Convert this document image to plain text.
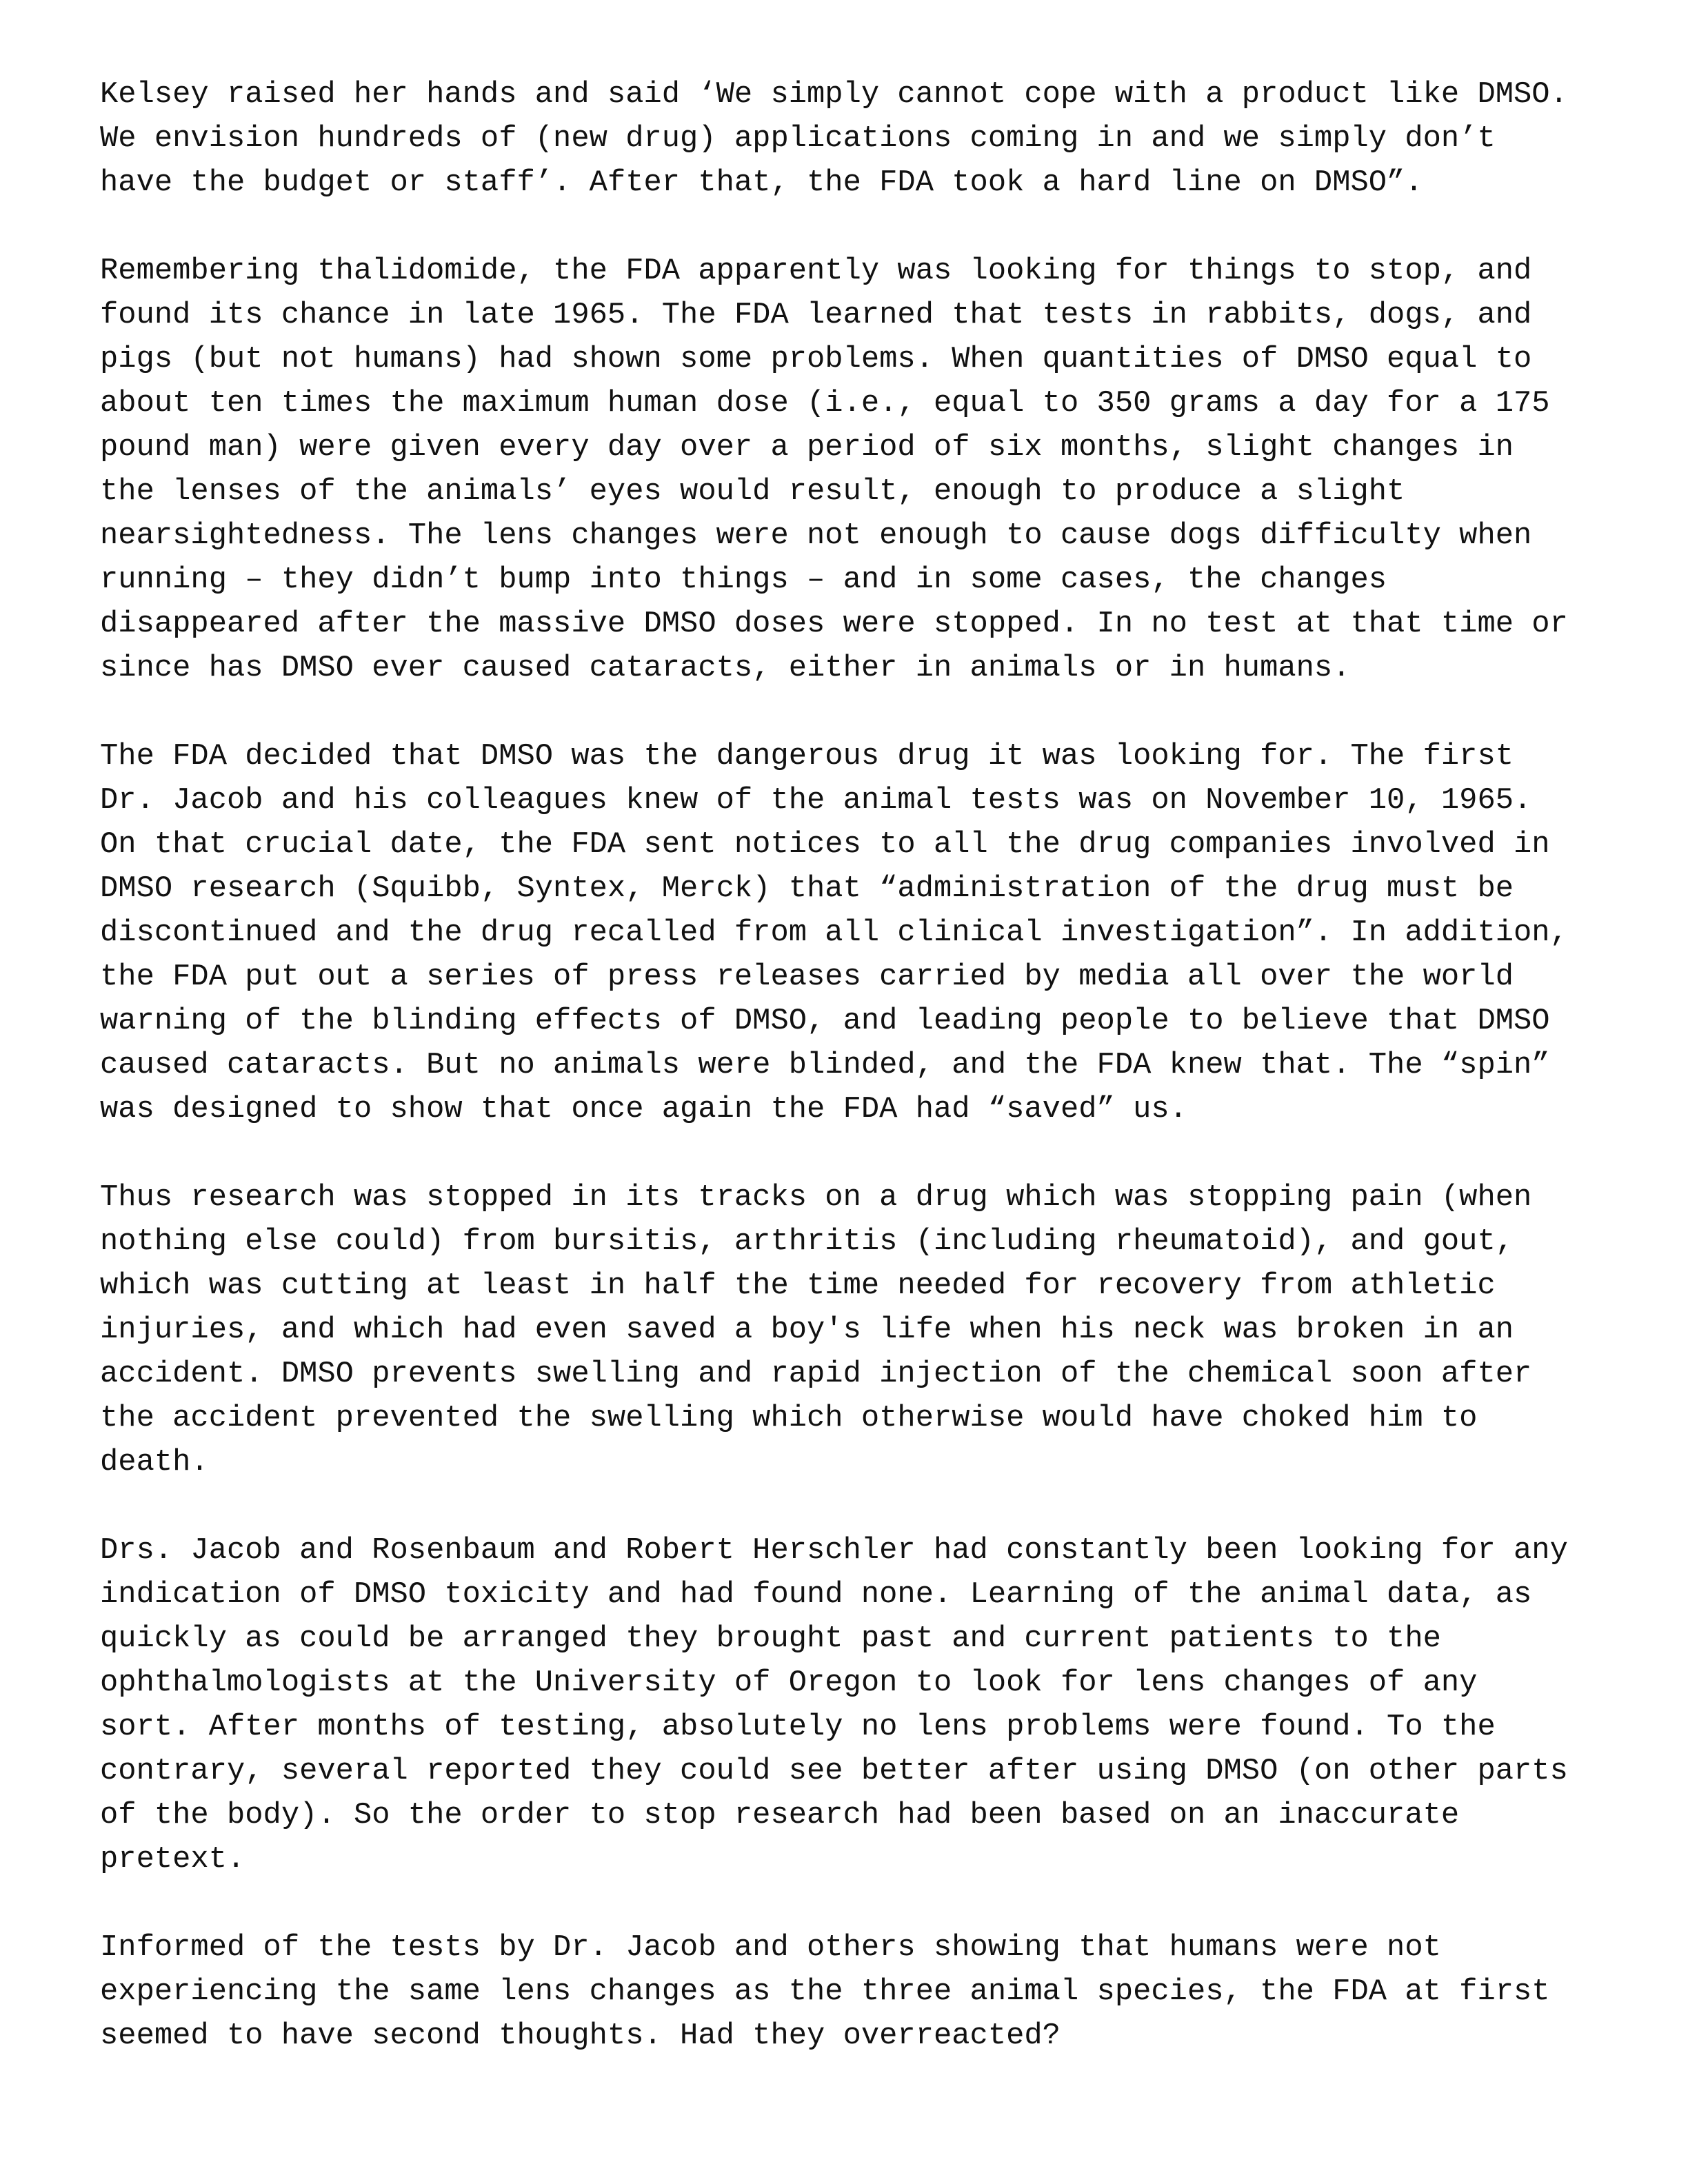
Kelsey raised her hands and said ‘We simply cannot cope with a product like DMSO.
We envision hundreds of (new drug) applications coming in and we simply don’t
have the budget or staff’. After that, the FDA took a hard line on DMSO”.
Remembering thalidomide, the FDA apparently was looking for things to stop, and
found its chance in late 1965. The FDA learned that tests in rabbits, dogs, and
pigs (but not humans) had shown some problems. When quantities of DMSO equal to
about ten times the maximum human dose (i.e., equal to 350 grams a day for a 175
pound man) were given every day over a period of six months, slight changes in
the lenses of the animals’ eyes would result, enough to produce a slight
nearsightedness. The lens changes were not enough to cause dogs difficulty when
running – they didn’t bump into things – and in some cases, the changes
disappeared after the massive DMSO doses were stopped. In no test at that time or
since has DMSO ever caused cataracts, either in animals or in humans.
The FDA decided that DMSO was the dangerous drug it was looking for. The first
Dr. Jacob and his colleagues knew of the animal tests was on November 10, 1965.
On that crucial date, the FDA sent notices to all the drug companies involved in
DMSO research (Squibb, Syntex, Merck) that “administration of the drug must be
discontinued and the drug recalled from all clinical investigation”. In addition,
the FDA put out a series of press releases carried by media all over the world
warning of the blinding effects of DMSO, and leading people to believe that DMSO
caused cataracts. But no animals were blinded, and the FDA knew that. The “spin”
was designed to show that once again the FDA had “saved” us.
Thus research was stopped in its tracks on a drug which was stopping pain (when
nothing else could) from bursitis, arthritis (including rheumatoid), and gout,
which was cutting at least in half the time needed for recovery from athletic
injuries, and which had even saved a boy's life when his neck was broken in an
accident. DMSO prevents swelling and rapid injection of the chemical soon after
the accident prevented the swelling which otherwise would have choked him to
death.
Drs. Jacob and Rosenbaum and Robert Herschler had constantly been looking for any
indication of DMSO toxicity and had found none. Learning of the animal data, as
quickly as could be arranged they brought past and current patients to the
ophthalmologists at the University of Oregon to look for lens changes of any
sort. After months of testing, absolutely no lens problems were found. To the
contrary, several reported they could see better after using DMSO (on other parts
of the body). So the order to stop research had been based on an inaccurate
pretext.
Informed of the tests by Dr. Jacob and others showing that humans were not
experiencing the same lens changes as the three animal species, the FDA at first
seemed to have second thoughts. Had they overreacted?
